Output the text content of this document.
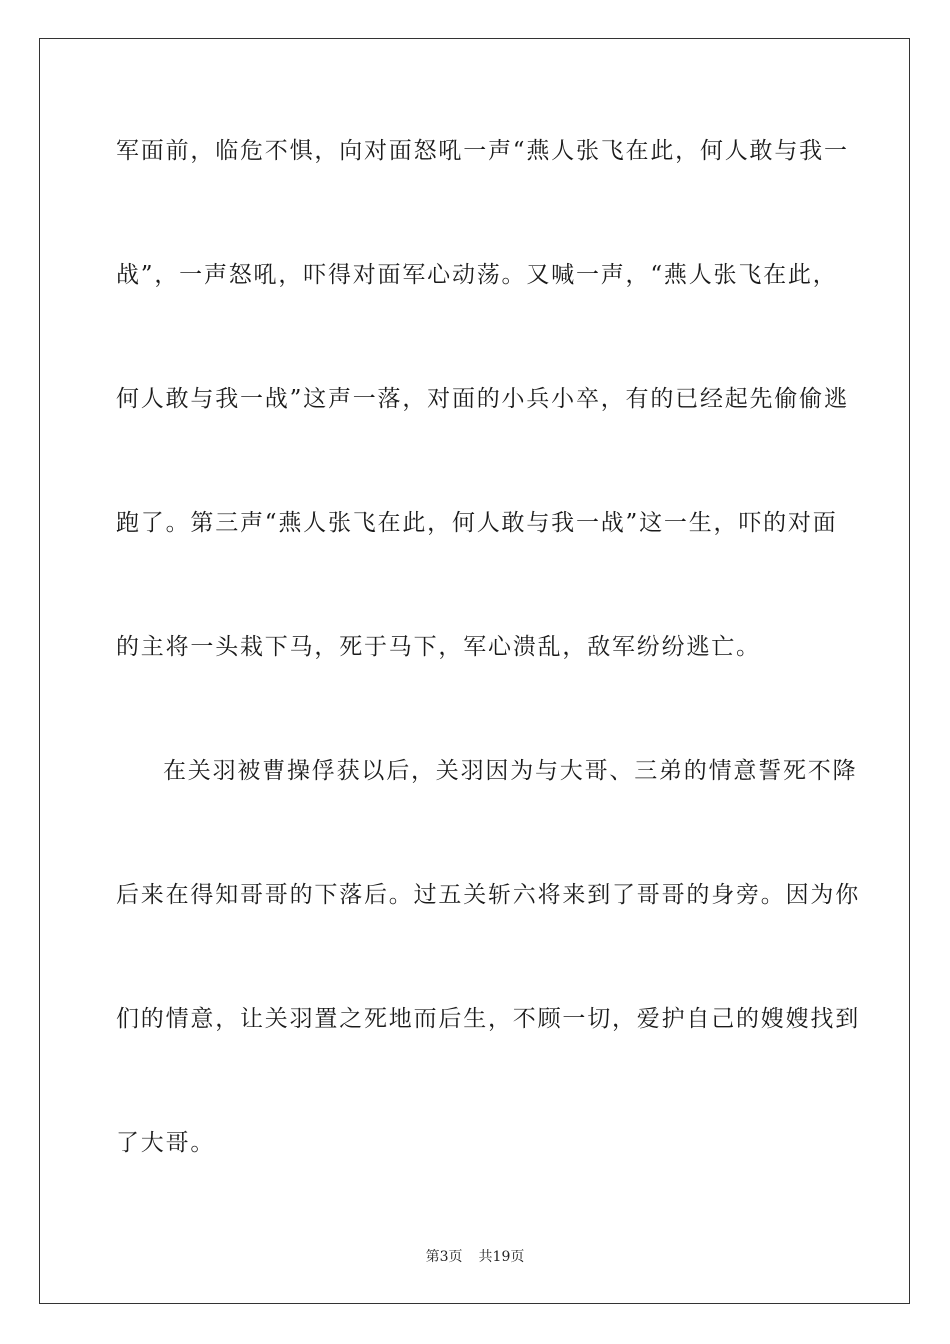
军面前，临危不惧，向对面怒吼一声“燕人张飞在此，何人敢与我一
战”，一声怒吼，吓得对面军心动荡。又喊一声，“燕人张飞在此，
何人敢与我一战”这声一落，对面的小兵小卒，有的已经起先偷偷逃
跑了。第三声“燕人张飞在此，何人敢与我一战”这一生，吓的对面
的主将一头栽下马，死于马下，军心溃乱，敌军纷纷逃亡。
在关羽被曹操俘获以后，关羽因为与大哥、三弟的情意誓死不降
后来在得知哥哥的下落后。过五关斩六将来到了哥哥的身旁。因为你
们的情意，让关羽置之死地而后生，不顾一切，爱护自己的嫂嫂找到
了大哥。
第3页 共19页
